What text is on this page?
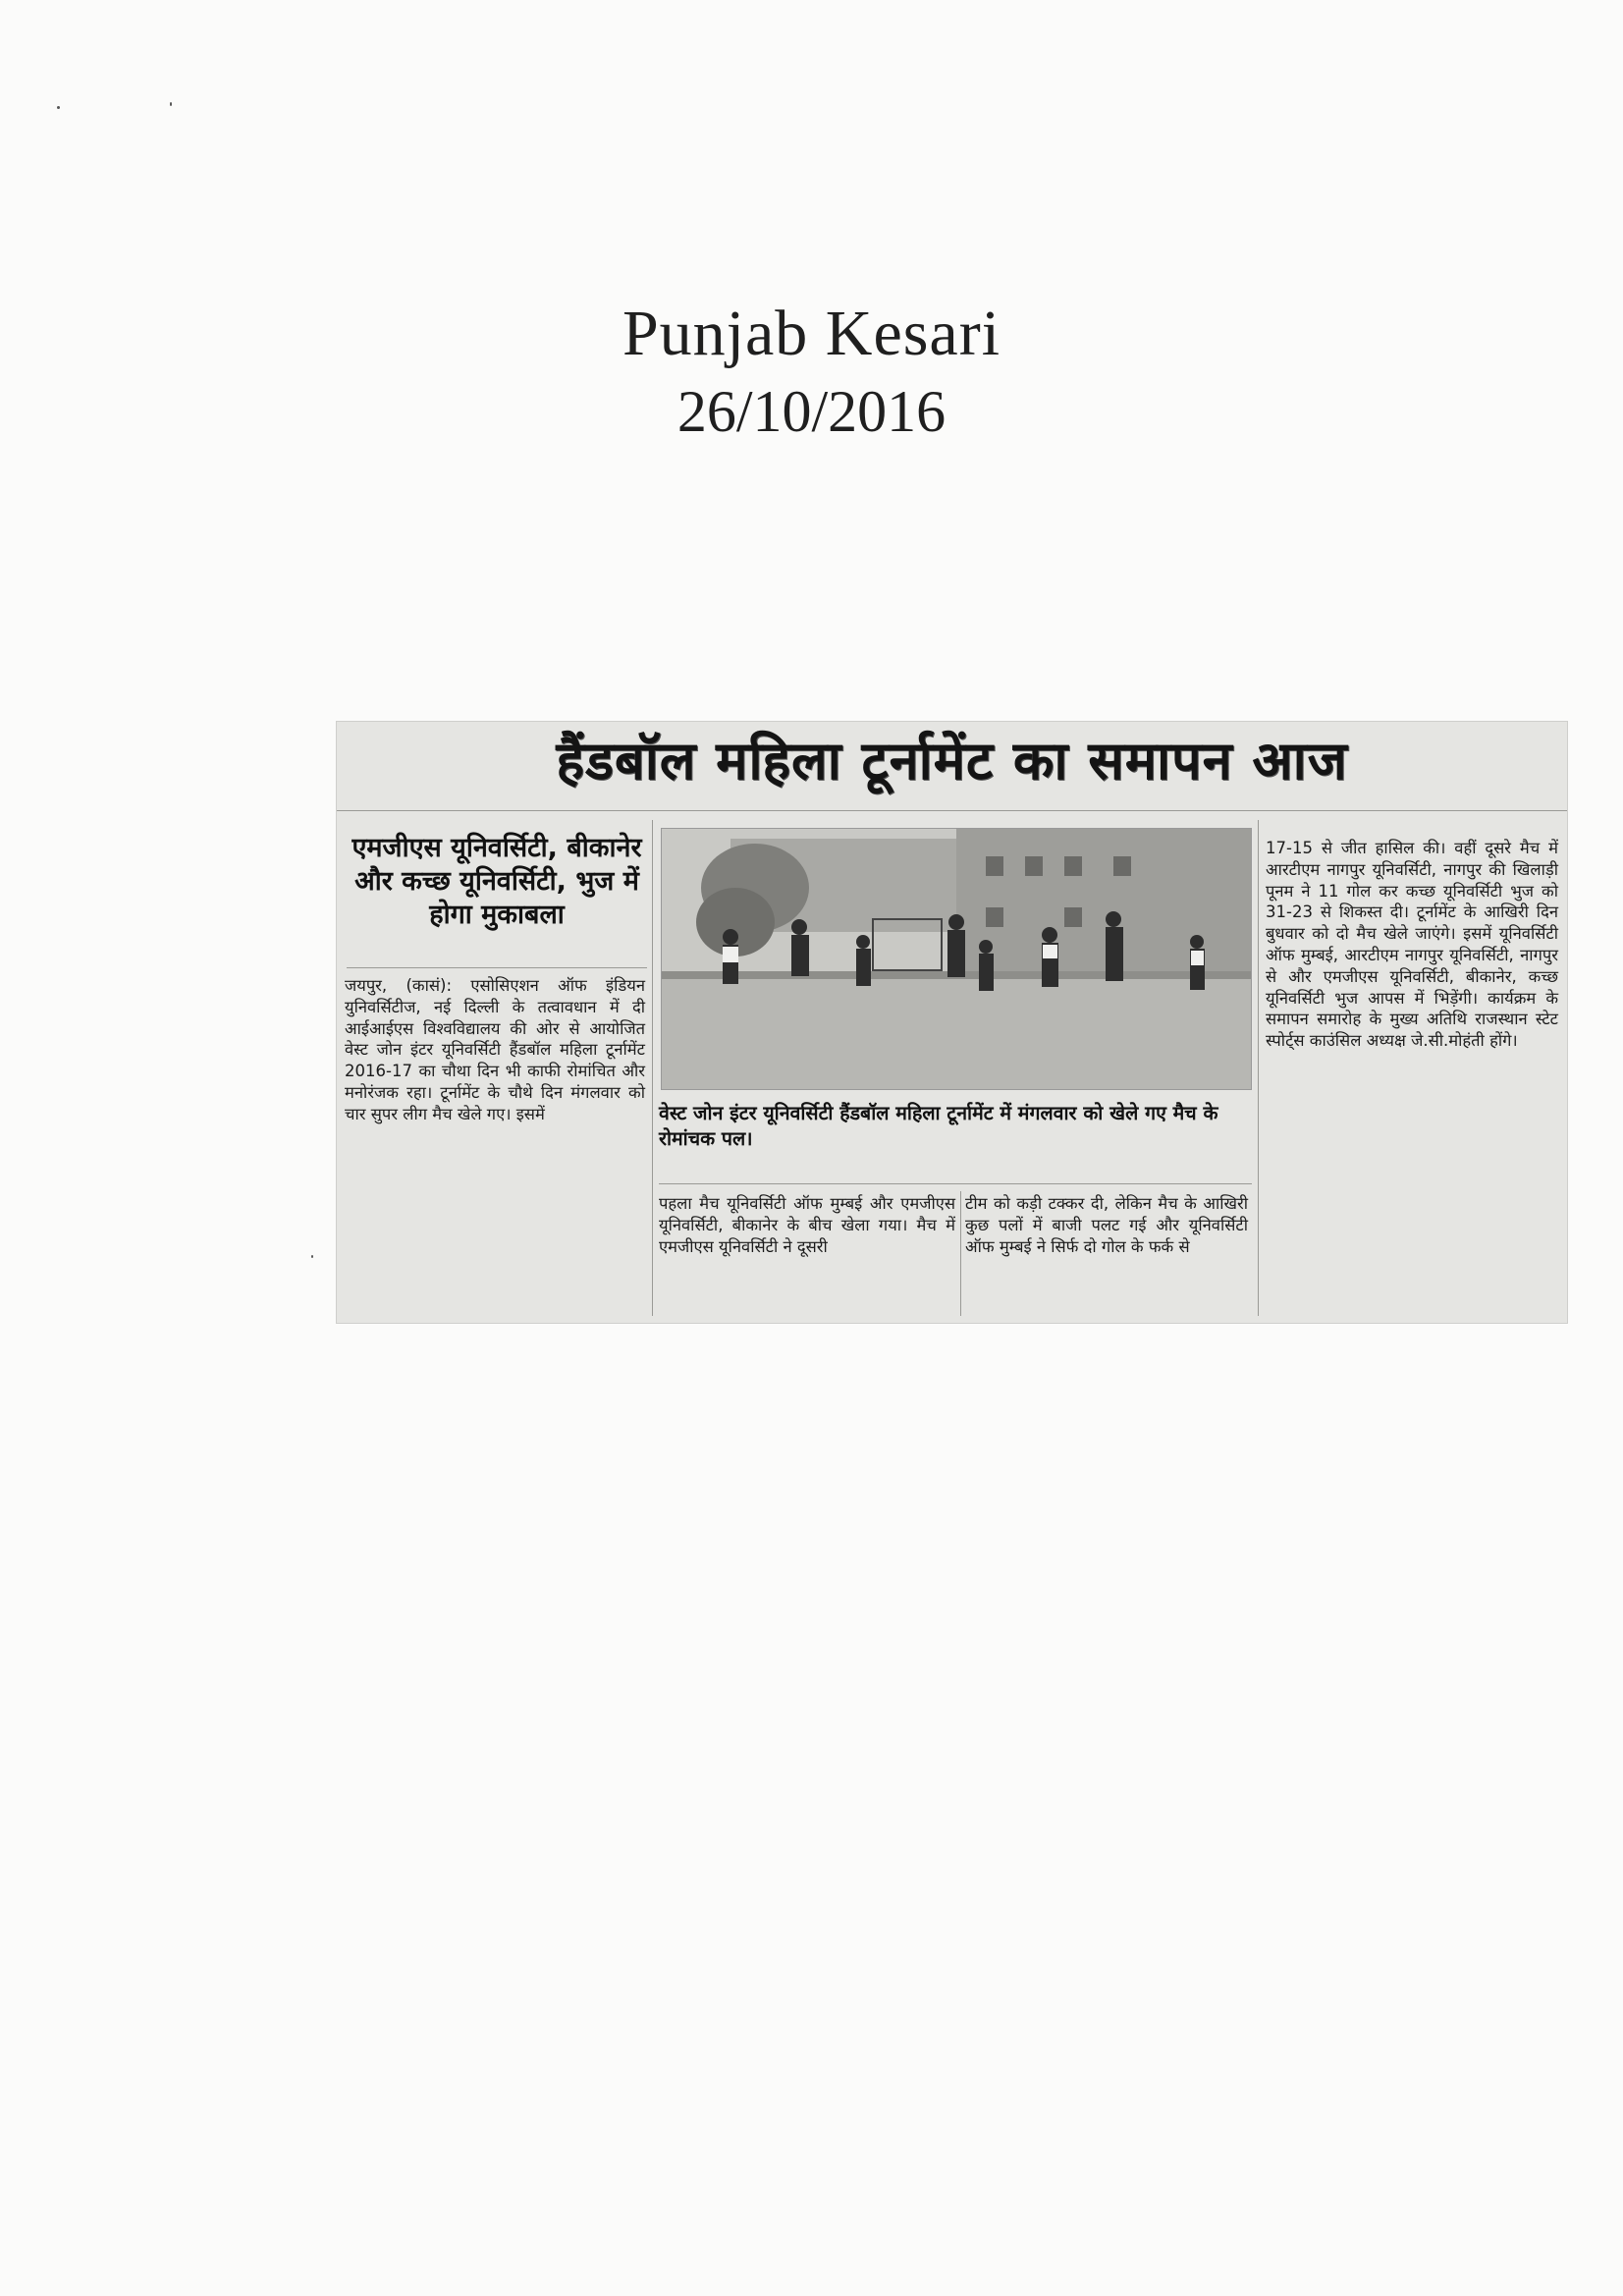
Punjab Kesari
26/10/2016
हैंडबॉल महिला टूर्नामेंट का समापन आज
एमजीएस यूनिवर्सिटी, बीकानेर और कच्छ यूनिवर्सिटी, भुज में होगा मुकाबला

जयपुर, (कासं): एसोसिएशन ऑफ इंडियन युनिवर्सिटीज, नई दिल्ली के तत्वावधान में दी आईआईएस विश्वविद्यालय की ओर से आयोजित वेस्ट जोन इंटर यूनिवर्सिटी हैंडबॉल महिला टूर्नामेंट 2016-17 का चौथा दिन भी काफी रोमांचित और मनोरंजक रहा। टूर्नामेंट के चौथे दिन मंगलवार को चार सुपर लीग मैच खेले गए। इसमें	वेस्ट जोन इंटर यूनिवर्सिटी हैंडबॉल महिला टूर्नामेंट में मंगलवार को खेले गए मैच के रोमांचक पल।

पहला मैच यूनिवर्सिटी ऑफ मुम्बई और एमजीएस यूनिवर्सिटी, बीकानेर के बीच खेला गया। मैच में एमजीएस यूनिवर्सिटी ने दूसरी

टीम को कड़ी टक्कर दी, लेकिन मैच के आखिरी कुछ पलों में बाजी पलट गई और यूनिवर्सिटी ऑफ मुम्बई ने सिर्फ दो गोल के फर्क से

17-15 से जीत हासिल की। वहीं दूसरे मैच में आरटीएम नागपुर यूनिवर्सिटी, नागपुर की खिलाड़ी पूनम ने 11 गोल कर कच्छ यूनिवर्सिटी भुज को 31-23 से शिकस्त दी। टूर्नामेंट के आखिरी दिन बुधवार को दो मैच खेले जाएंगे। इसमें यूनिवर्सिटी ऑफ मुम्बई, आरटीएम नागपुर यूनिवर्सिटी, नागपुर से और एमजीएस यूनिवर्सिटी, बीकानेर, कच्छ यूनिवर्सिटी भुज आपस में भिड़ेंगी। कार्यक्रम के समापन समारोह के मुख्य अतिथि राजस्थान स्टेट स्पोर्ट्स काउंसिल अध्यक्ष जे.सी.मोहंती होंगे।
